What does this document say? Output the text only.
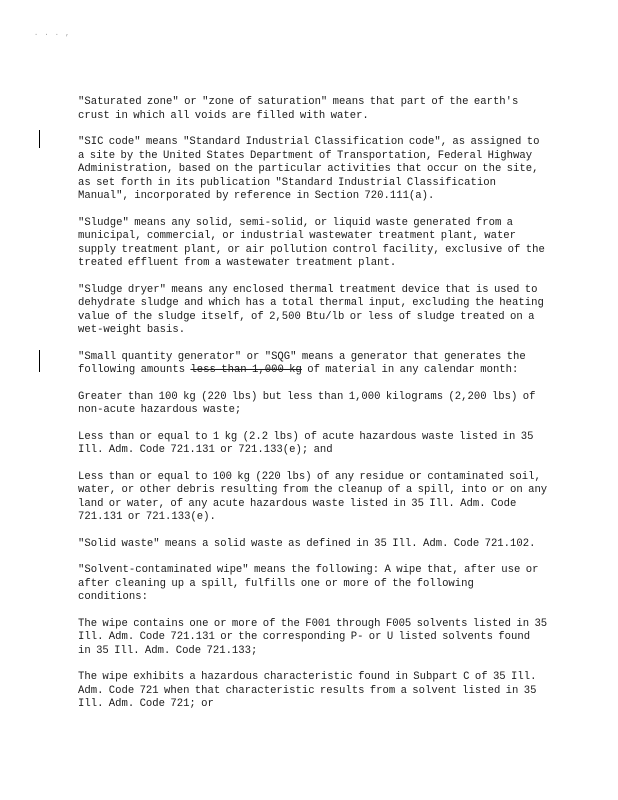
. . . ,

"Saturated zone" or "zone of saturation" means that part of the earth's crust in which all voids are filled with water.

"SIC code" means "Standard Industrial Classification code", as assigned to a site by the United States Department of Transportation, Federal Highway Administration, based on the particular activities that occur on the site, as set forth in its publication "Standard Industrial Classification Manual", incorporated by reference in Section 720.111(a).

"Sludge" means any solid, semi-solid, or liquid waste generated from a municipal, commercial, or industrial wastewater treatment plant, water supply treatment plant, or air pollution control facility, exclusive of the treated effluent from a wastewater treatment plant.

"Sludge dryer" means any enclosed thermal treatment device that is used to dehydrate sludge and which has a total thermal input, excluding the heating value of the sludge itself, of 2,500 Btu/lb or less of sludge treated on a wet-weight basis.

"Small quantity generator" or "SQG" means a generator that generates the following amounts less than 1,000 kg of material in any calendar month:

Greater than 100 kg (220 lbs) but less than 1,000 kilograms (2,200 lbs) of non-acute hazardous waste;

Less than or equal to 1 kg (2.2 lbs) of acute hazardous waste listed in 35 Ill. Adm. Code 721.131 or 721.133(e); and

Less than or equal to 100 kg (220 lbs) of any residue or contaminated soil, water, or other debris resulting from the cleanup of a spill, into or on any land or water, of any acute hazardous waste listed in 35 Ill. Adm. Code 721.131 or 721.133(e).

"Solid waste" means a solid waste as defined in 35 Ill. Adm. Code 721.102.

"Solvent-contaminated wipe" means the following: A wipe that, after use or after cleaning up a spill, fulfills one or more of the following conditions:

The wipe contains one or more of the F001 through F005 solvents listed in 35 Ill. Adm. Code 721.131 or the corresponding P- or U listed solvents found in 35 Ill. Adm. Code 721.133;

The wipe exhibits a hazardous characteristic found in Subpart C of 35 Ill. Adm. Code 721 when that characteristic results from a solvent listed in 35 Ill. Adm. Code 721; or
